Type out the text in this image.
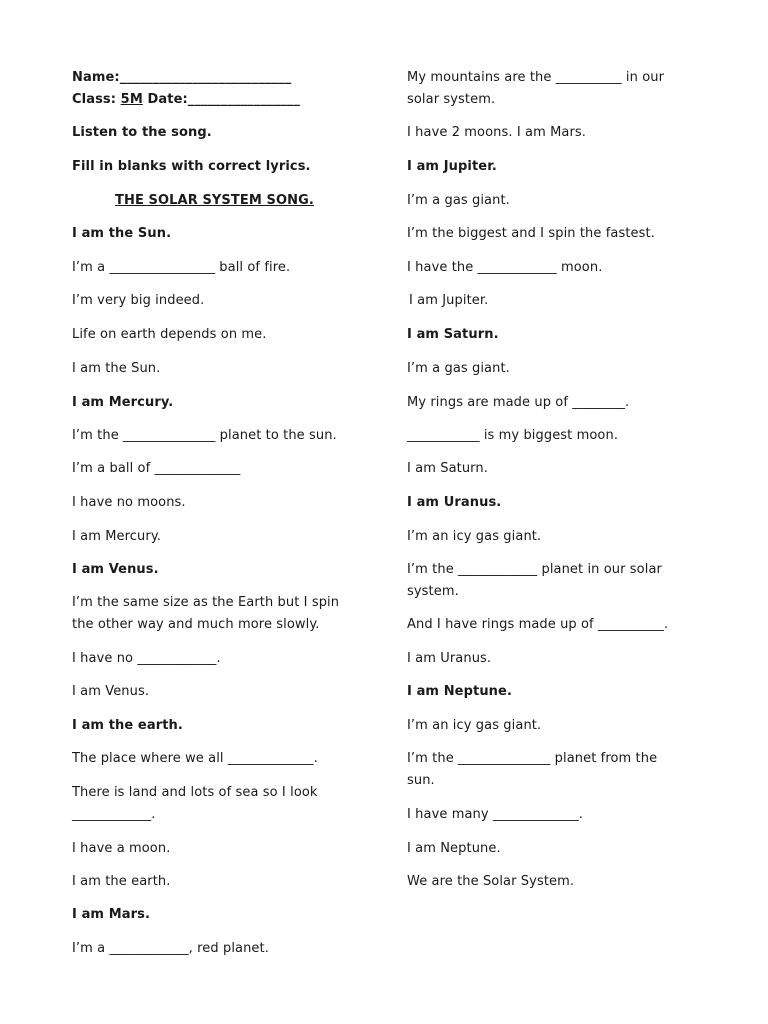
Name:__________________________
Class: 5M Date:_________________
Listen to the song.
Fill in blanks with correct lyrics.
THE SOLAR SYSTEM SONG.
I am the Sun.
I’m a ________________ ball of fire.
I’m very big indeed.
Life on earth depends on me.
I am the Sun.
I am Mercury.
I’m the ______________ planet to the sun.
I’m a ball of _____________
I have no moons.
I am Mercury.
I am Venus.
I’m the same size as the Earth but I spin
the other way and much more slowly.
I have no ____________.
I am Venus.
I am the earth.
The place where we all _____________.
There is land and lots of sea so I look
____________.
I have a moon.
I am the earth.
I am Mars.
I’m a ____________, red planet.
My mountains are the __________ in our
solar system.
I have 2 moons. I am Mars.
I am Jupiter.
I’m a gas giant.
I’m the biggest and I spin the fastest.
I have the ____________ moon.
I am Jupiter.
I am Saturn.
I’m a gas giant.
My rings are made up of ________.
___________ is my biggest moon.
I am Saturn.
I am Uranus.
I’m an icy gas giant.
I’m the ____________ planet in our solar
system.
And I have rings made up of __________.
I am Uranus.
I am Neptune.
I’m an icy gas giant.
I’m the ______________ planet from the
sun.
I have many _____________.
I am Neptune.
We are the Solar System.
